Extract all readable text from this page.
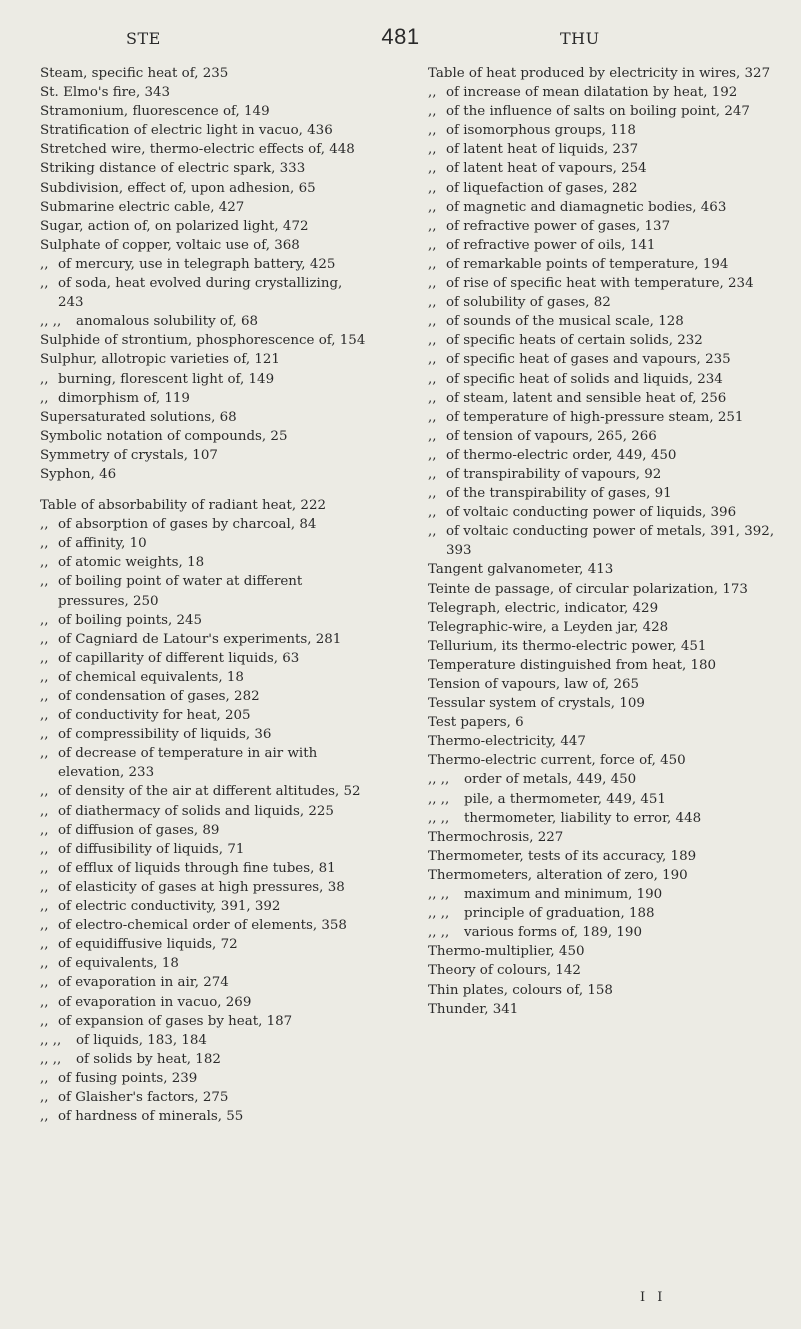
STE	481	THU
Steam, specific heat of, 235
St. Elmo's fire, 343
Stramonium, fluorescence of, 149
Stratification of electric light in vacuo, 436
Stretched wire, thermo-electric effects of, 448
Striking distance of electric spark, 333
Subdivision, effect of, upon adhesion, 65
Submarine electric cable, 427
Sugar, action of, on polarized light, 472
Sulphate of copper, voltaic use of, 368
,, of mercury, use in telegraph battery, 425
,, of soda, heat evolved during crystallizing, 243
,, ,, anomalous solubility of, 68
Sulphide of strontium, phosphorescence of, 154
Sulphur, allotropic varieties of, 121
,, burning, florescent light of, 149
,, dimorphism of, 119
Supersaturated solutions, 68
Symbolic notation of compounds, 25
Symmetry of crystals, 107
Syphon, 46
Table of absorbability of radiant heat, 222
,, of absorption of gases by charcoal, 84
,, of affinity, 10
,, of atomic weights, 18
,, of boiling point of water at different pressures, 250
,, of boiling points, 245
,, of Cagniard de Latour's experiments, 281
,, of capillarity of different liquids, 63
,, of chemical equivalents, 18
,, of condensation of gases, 282
,, of conductivity for heat, 205
,, of compressibility of liquids, 36
,, of decrease of temperature in air with elevation, 233
,, of density of the air at different altitudes, 52
,, of diathermacy of solids and liquids, 225
,, of diffusion of gases, 89
,, of diffusibility of liquids, 71
,, of efflux of liquids through fine tubes, 81
,, of elasticity of gases at high pressures, 38
,, of electric conductivity, 391, 392
,, of electro-chemical order of elements, 358
,, of equidiffusive liquids, 72
,, of equivalents, 18
,, of evaporation in air, 274
,, of evaporation in vacuo, 269
,, of expansion of gases by heat, 187
,, ,, of liquids, 183, 184
,, ,, of solids by heat, 182
,, of fusing points, 239
,, of Glaisher's factors, 275
,, of hardness of minerals, 55
Table of heat produced by electricity in wires, 327
,, of increase of mean dilatation by heat, 192
,, of the influence of salts on boiling point, 247
,, of isomorphous groups, 118
,, of latent heat of liquids, 237
,, of latent heat of vapours, 254
,, of liquefaction of gases, 282
,, of magnetic and diamagnetic bodies, 463
,, of refractive power of gases, 137
,, of refractive power of oils, 141
,, of remarkable points of temperature, 194
,, of rise of specific heat with temperature, 234
,, of solubility of gases, 82
,, of sounds of the musical scale, 128
,, of specific heats of certain solids, 232
,, of specific heat of gases and vapours, 235
,, of specific heat of solids and liquids, 234
,, of steam, latent and sensible heat of, 256
,, of temperature of high-pressure steam, 251
,, of tension of vapours, 265, 266
,, of thermo-electric order, 449, 450
,, of transpirability of vapours, 92
,, of the transpirability of gases, 91
,, of voltaic conducting power of liquids, 396
,, of voltaic conducting power of metals, 391, 392, 393
Tangent galvanometer, 413
Teinte de passage, of circular polarization, 173
Telegraph, electric, indicator, 429
Telegraphic-wire, a Leyden jar, 428
Tellurium, its thermo-electric power, 451
Temperature distinguished from heat, 180
Tension of vapours, law of, 265
Tessular system of crystals, 109
Test papers, 6
Thermo-electricity, 447
Thermo-electric current, force of, 450
,, ,, order of metals, 449, 450
,, ,, pile, a thermometer, 449, 451
,, ,, thermometer, liability to error, 448
Thermochrosis, 227
Thermometer, tests of its accuracy, 189
Thermometers, alteration of zero, 190
,, ,, maximum and minimum, 190
,, ,, principle of graduation, 188
,, ,, various forms of, 189, 190
Thermo-multiplier, 450
Theory of colours, 142
Thin plates, colours of, 158
Thunder, 341
I I
